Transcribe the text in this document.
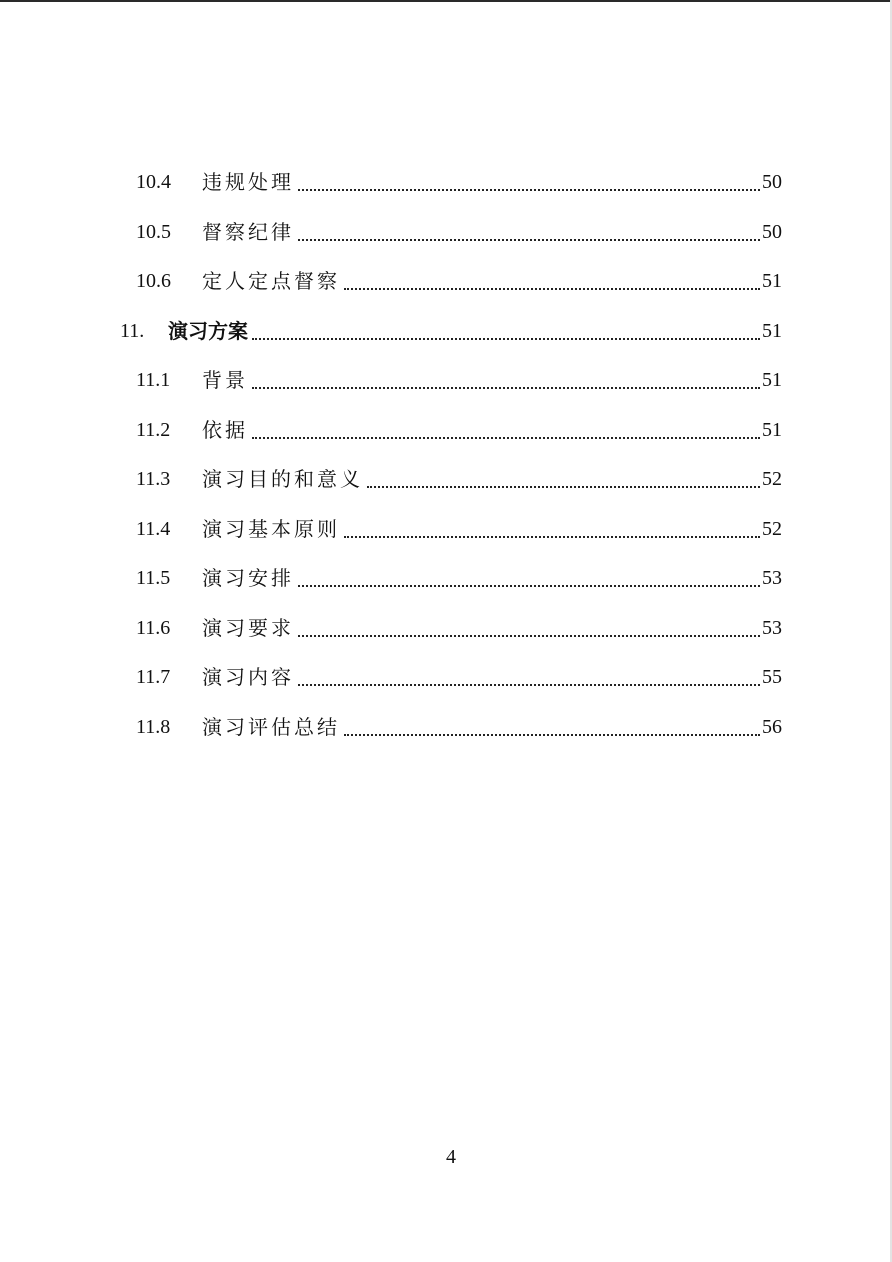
10.4	违规处理	50
10.5	督察纪律	50
10.6	定人定点督察	51
11.	演习方案	51
11.1	背景	51
11.2	依据	51
11.3	演习目的和意义	52
11.4	演习基本原则	52
11.5	演习安排	53
11.6	演习要求	53
11.7	演习内容	55
11.8	演习评估总结	56
4
